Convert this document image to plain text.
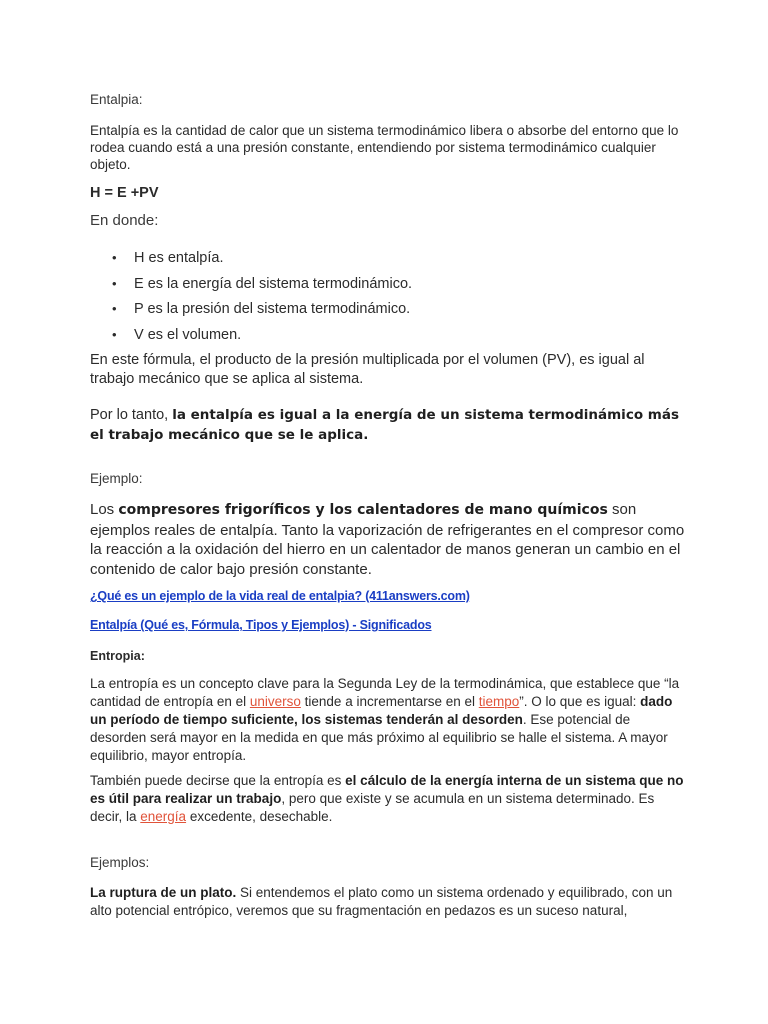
Entalpia:
Entalpía es la cantidad de calor que un sistema termodinámico libera o absorbe del entorno que lo rodea cuando está a una presión constante, entendiendo por sistema termodinámico cualquier objeto.
H = E +PV
En donde:
• H es entalpía.
• E es la energía del sistema termodinámico.
• P es la presión del sistema termodinámico.
• V es el volumen.
En este fórmula, el producto de la presión multiplicada por el volumen (PV), es igual al trabajo mecánico que se aplica al sistema.
Por lo tanto, la entalpía es igual a la energía de un sistema termodinámico más el trabajo mecánico que se le aplica.
Ejemplo:
Los compresores frigoríficos y los calentadores de mano químicos son ejemplos reales de entalpía. Tanto la vaporización de refrigerantes en el compresor como la reacción a la oxidación del hierro en un calentador de manos generan un cambio en el contenido de calor bajo presión constante.
¿Qué es un ejemplo de la vida real de entalpia? (411answers.com)
Entalpía (Qué es, Fórmula, Tipos y Ejemplos) - Significados
Entropia:
La entropía es un concepto clave para la Segunda Ley de la termodinámica, que establece que “la cantidad de entropía en el universo tiende a incrementarse en el tiempo”. O lo que es igual: dado un período de tiempo suficiente, los sistemas tenderán al desorden. Ese potencial de desorden será mayor en la medida en que más próximo al equilibrio se halle el sistema. A mayor equilibrio, mayor entropía.
También puede decirse que la entropía es el cálculo de la energía interna de un sistema que no es útil para realizar un trabajo, pero que existe y se acumula en un sistema determinado. Es decir, la energía excedente, desechable.
Ejemplos:
La ruptura de un plato. Si entendemos el plato como un sistema ordenado y equilibrado, con un alto potencial entrópico, veremos que su fragmentación en pedazos es un suceso natural,
